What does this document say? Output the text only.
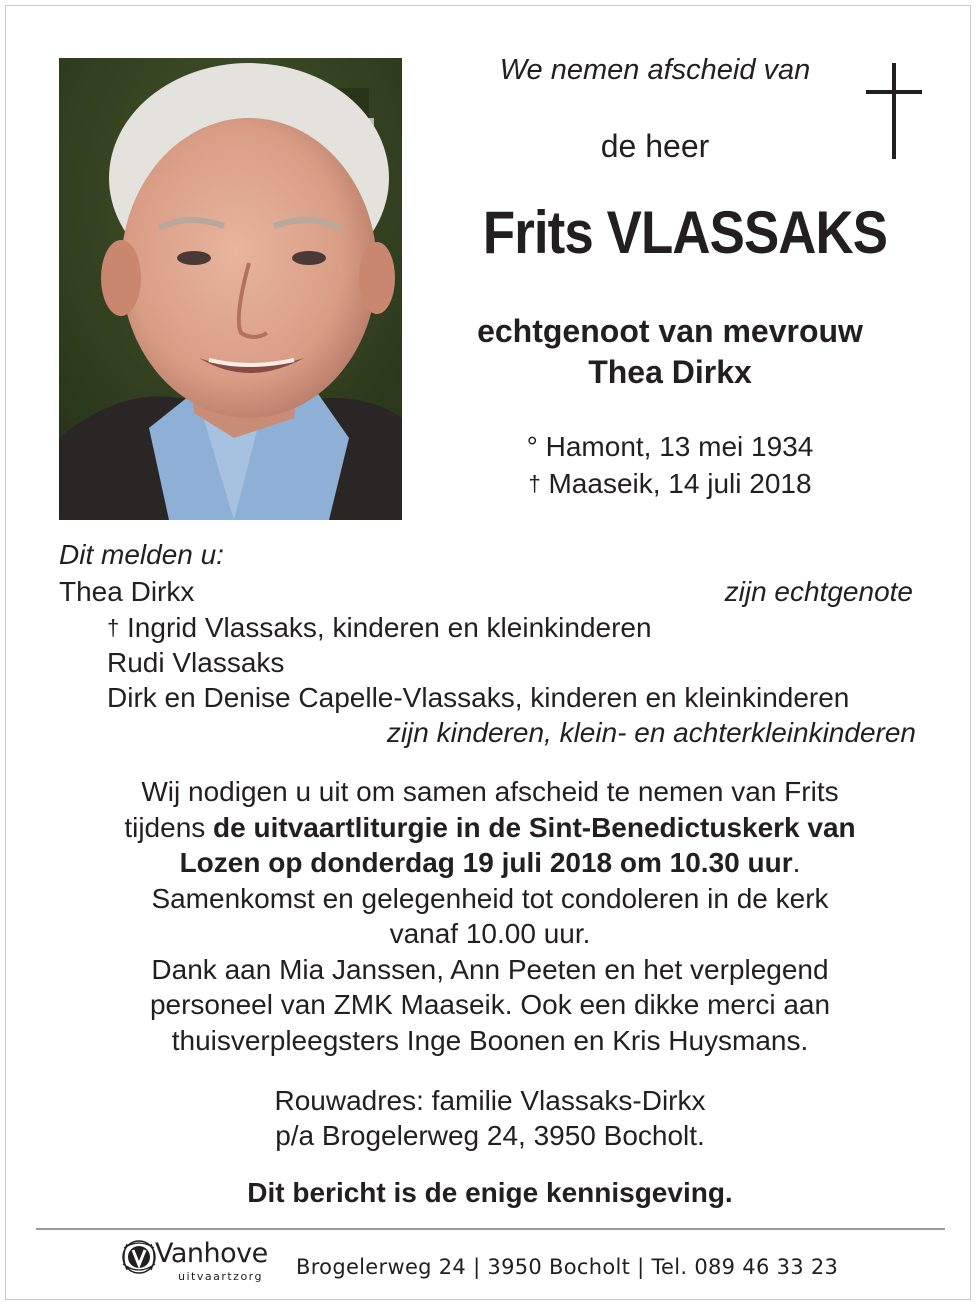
We nemen afscheid van
de heer
Frits VLASSAKS
echtgenoot van mevrouw
Thea Dirkx
° Hamont, 13 mei 1934
† Maaseik, 14 juli 2018
Dit melden u:
Thea Dirkx	zijn echtgenote
† Ingrid Vlassaks, kinderen en kleinkinderen
Rudi Vlassaks
Dirk en Denise Capelle-Vlassaks, kinderen en kleinkinderen
zijn kinderen, klein- en achterkleinkinderen
Wij nodigen u uit om samen afscheid te nemen van Frits
tijdens de uitvaartliturgie in de Sint-Benedictuskerk van
Lozen op donderdag 19 juli 2018 om 10.30 uur.
Samenkomst en gelegenheid tot condoleren in de kerk
vanaf 10.00 uur.
Dank aan Mia Janssen, Ann Peeten en het verplegend
personeel van ZMK Maaseik. Ook een dikke merci aan
thuisverpleegsters Inge Boonen en Kris Huysmans.
Rouwadres: familie Vlassaks-Dirkx
p/a Brogelerweg 24, 3950 Bocholt.
Dit bericht is de enige kennisgeving.
Vanhove
uitvaartzorg Brogelerweg 24 | 3950 Bocholt | Tel. 089 46 33 23
